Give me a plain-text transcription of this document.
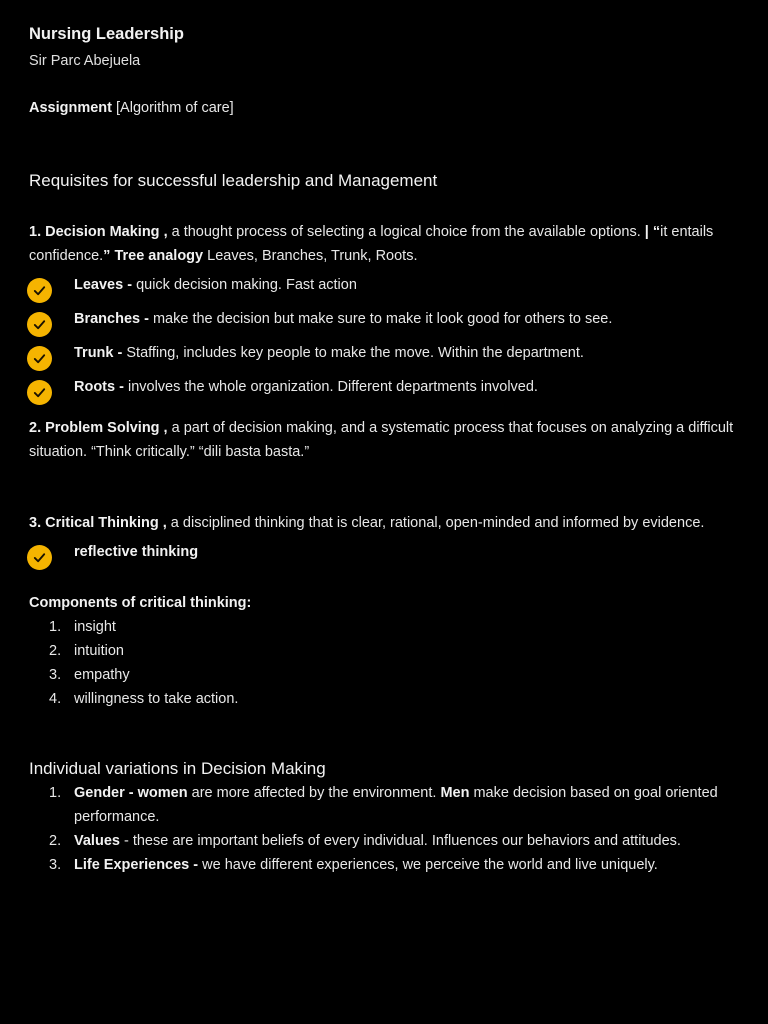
Nursing Leadership
Sir Parc Abejuela
Assignment [Algorithm of care]
Requisites for successful leadership and Management
1. Decision Making , a thought process of selecting a logical choice from the available options. | “it entails confidence.” Tree analogy Leaves, Branches, Trunk, Roots.
Leaves - quick decision making. Fast action
Branches - make the decision but make sure to make it look good for others to see.
Trunk - Staffing, includes key people to make the move. Within the department.
Roots - involves the whole organization. Different departments involved.
2. Problem Solving , a part of decision making, and a systematic process that focuses on analyzing a difficult situation. “Think critically.” “dili basta basta.”
3. Critical Thinking , a disciplined thinking that is clear, rational, open-minded and informed by evidence.
reflective thinking
Components of critical thinking:
1. insight
2. intuition
3. empathy
4. willingness to take action.
Individual variations in Decision Making
1. Gender - women are more affected by the environment. Men make decision based on goal oriented performance.
2. Values - these are important beliefs of every individual. Influences our behaviors and attitudes.
3. Life Experiences - we have different experiences, we perceive the world and live uniquely.
